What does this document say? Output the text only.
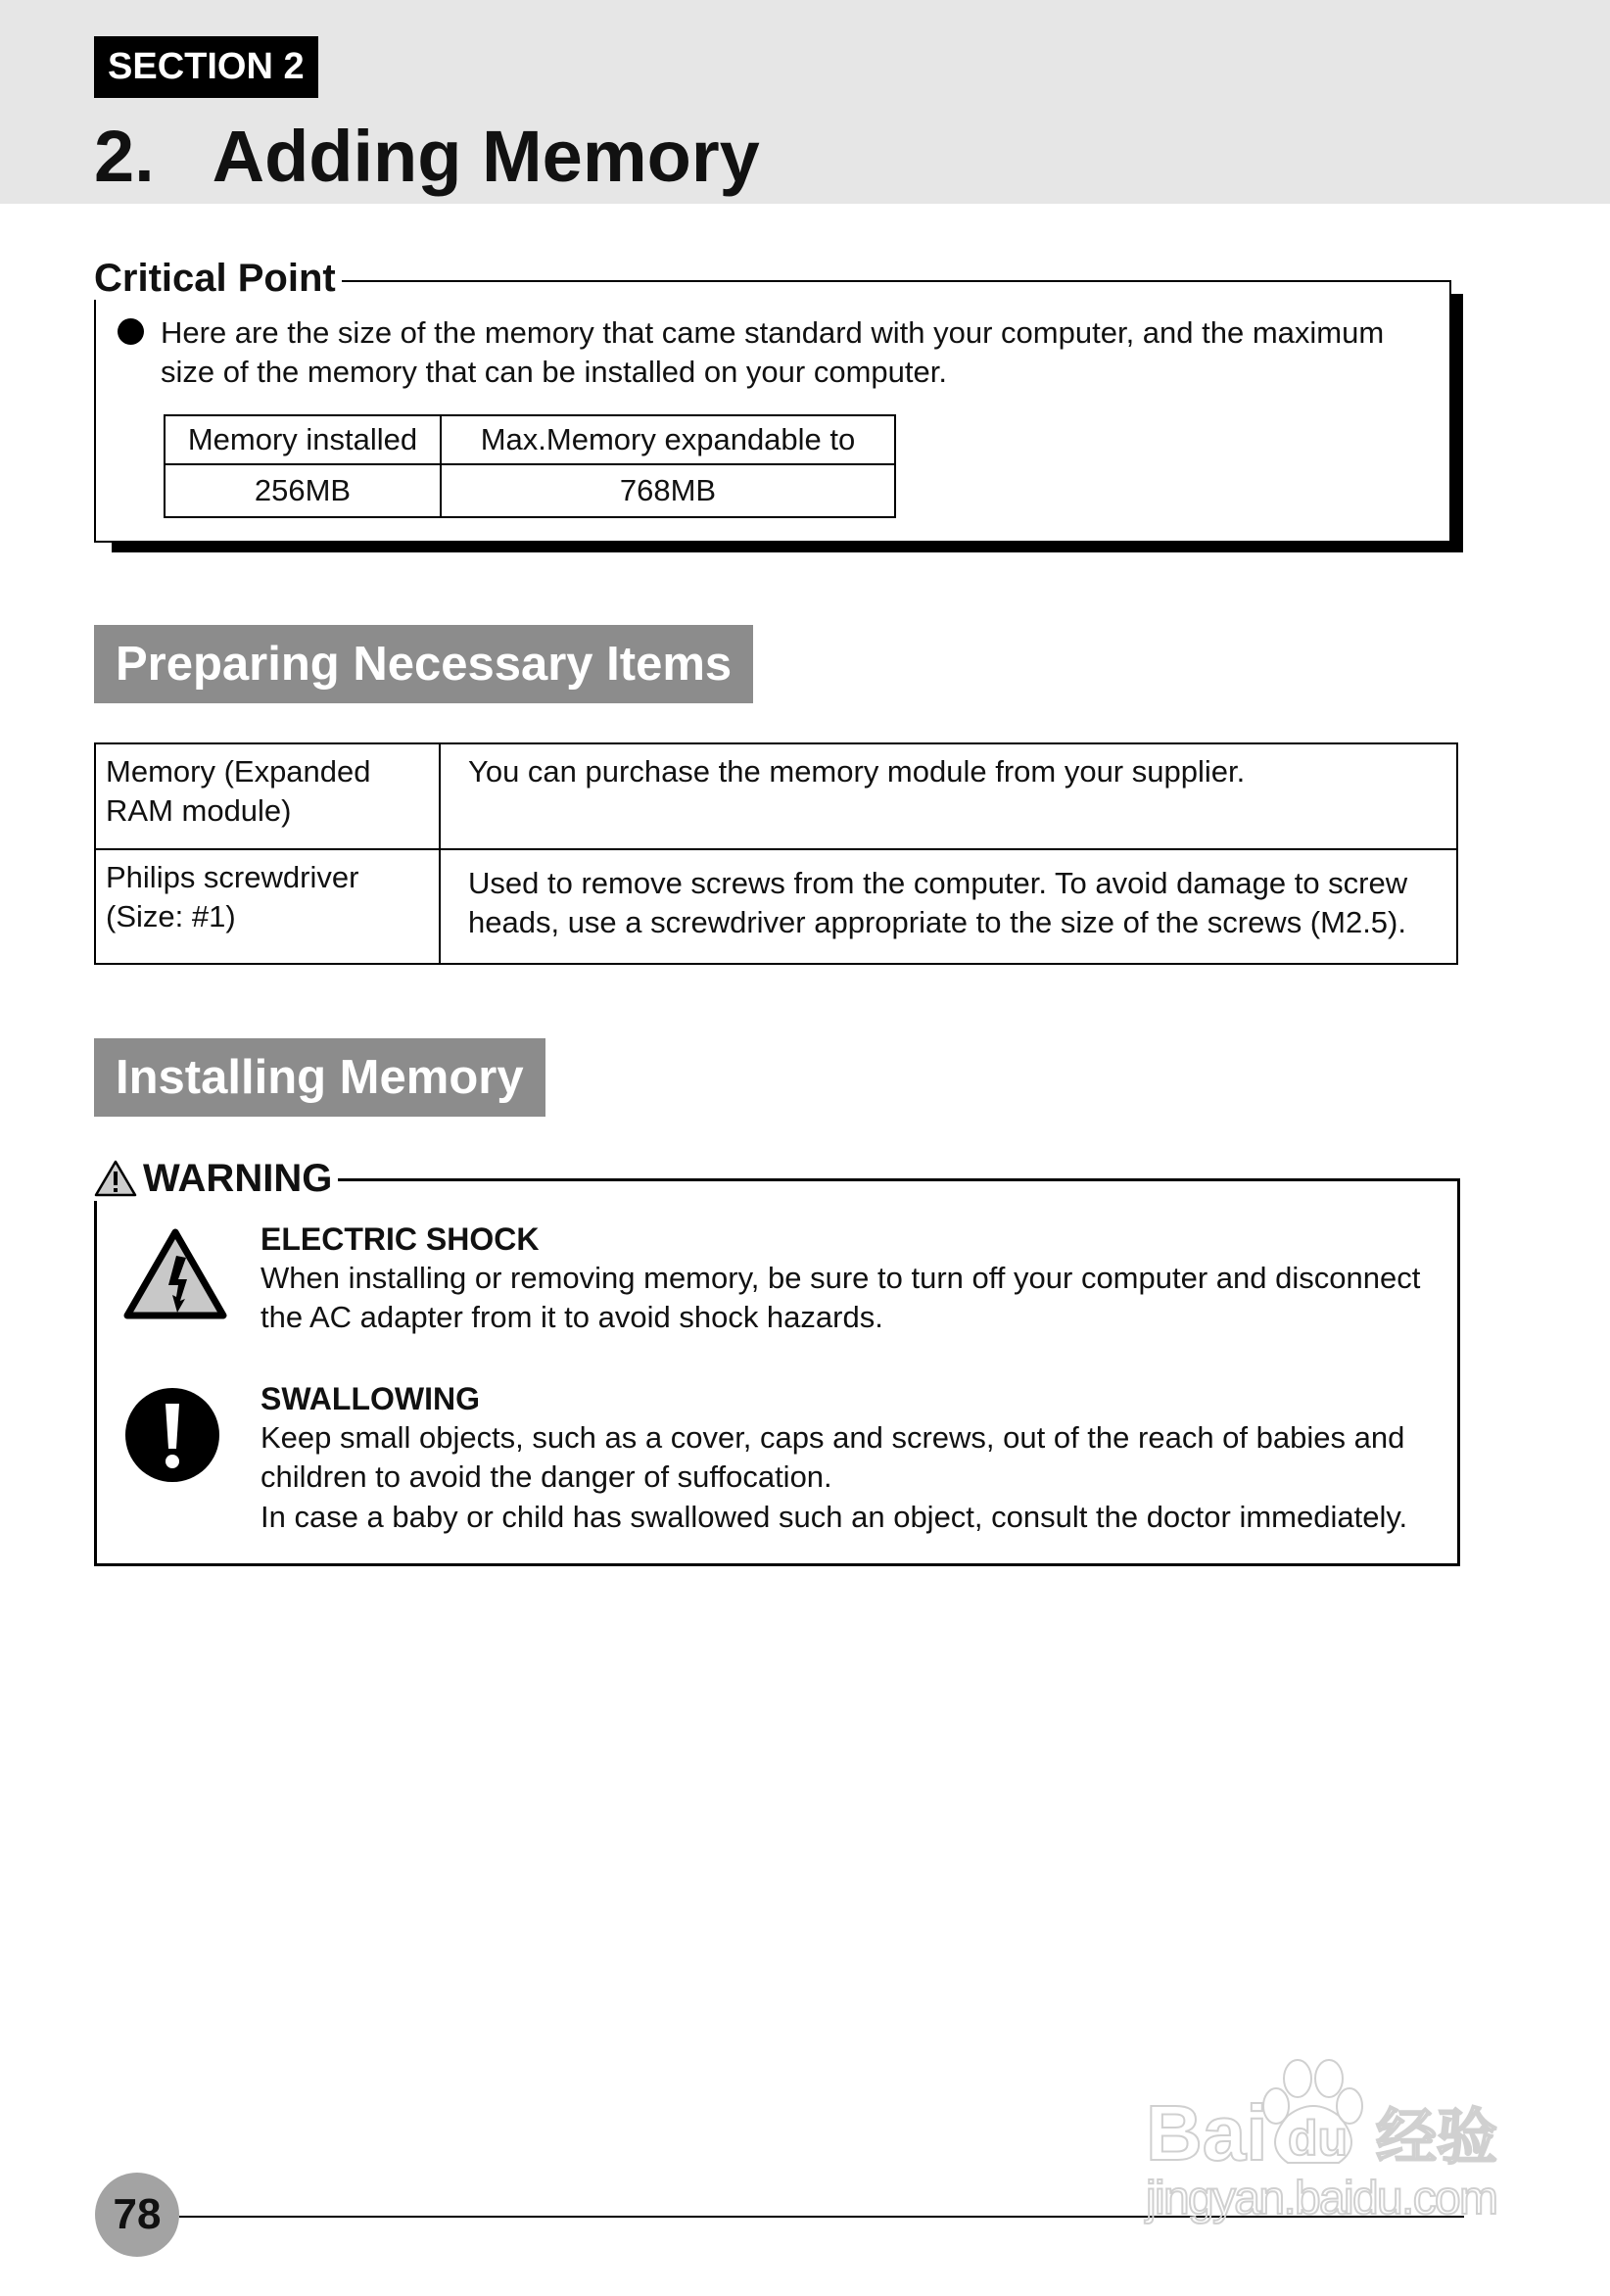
SECTION 2
2.   Adding Memory
Critical Point
Here are the size of the memory that came standard with your computer, and the maximum size of the memory that can be installed on your computer.
Memory installed	Max.Memory expandable to
256MB	768MB
Preparing Necessary Items
Memory (Expanded RAM module)	You can purchase the memory module from your supplier.
Philips screwdriver (Size: #1)	Used to remove screws from the computer. To avoid damage to screw heads, use a screwdriver appropriate to the size of the screws (M2.5).
Installing Memory
WARNING
ELECTRIC SHOCK
When installing or removing memory, be sure to turn off your computer and disconnect the AC adapter from it to avoid shock hazards.
SWALLOWING
Keep small objects, such as a cover, caps and screws, out of the reach of babies and children to avoid the danger of suffocation.
In case a baby or child has swallowed such an object, consult the doctor immediately.
78
Bai du 经验
jingyan.baidu.com
